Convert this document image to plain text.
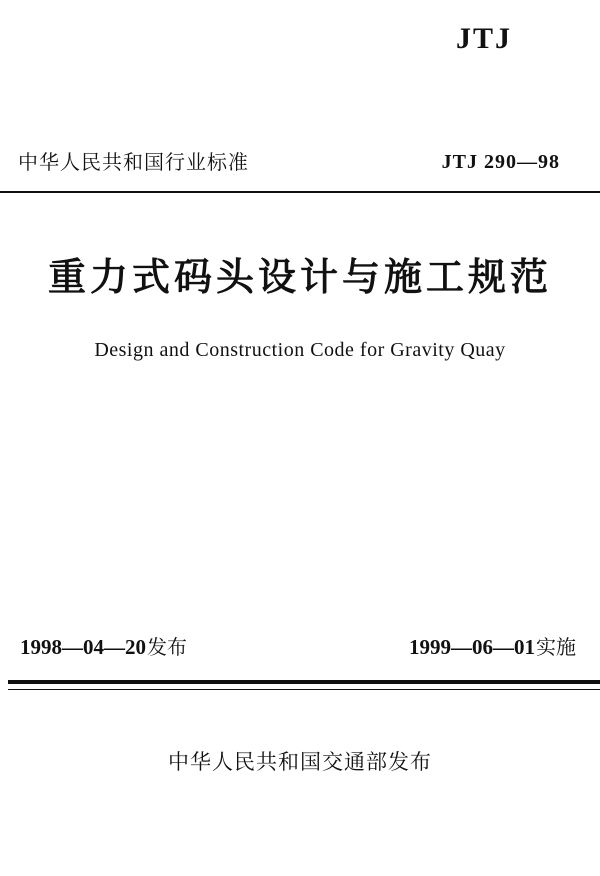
JTJ
中华人民共和国行业标准	JTJ 290—98
重力式码头设计与施工规范
Design and Construction Code for Gravity Quay
1998—04—20发布	1999—06—01实施
中华人民共和国交通部发布
